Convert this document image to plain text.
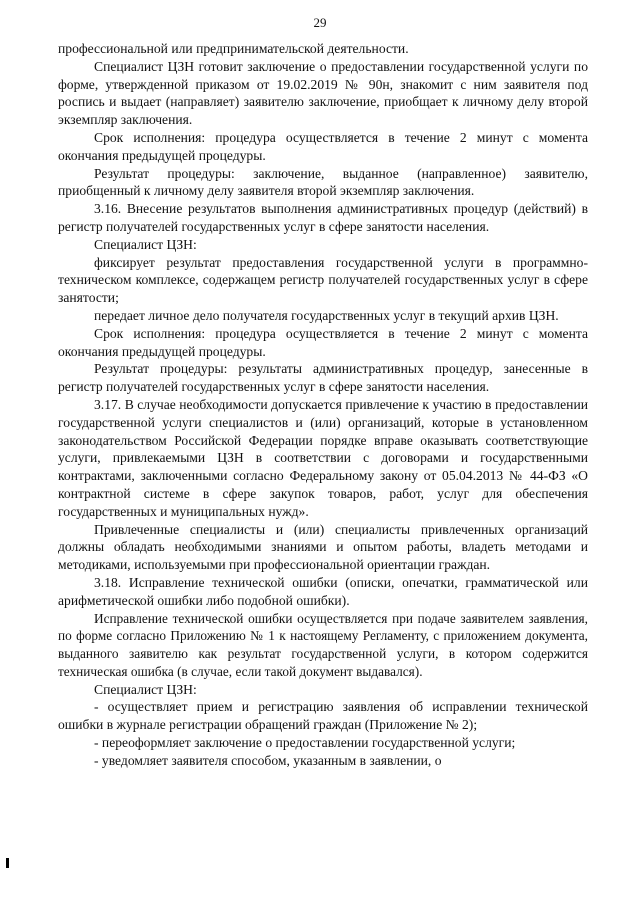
29

профессиональной или предпринимательской деятельности.

Специалист ЦЗН готовит заключение о предоставлении государственной услуги по форме, утвержденной приказом от 19.02.2019 № 90н, знакомит с ним заявителя под роспись и выдает (направляет) заявителю заключение, приобщает к личному делу второй экземпляр заключения.

Срок исполнения: процедура осуществляется в течение 2 минут с момента окончания предыдущей процедуры.

Результат процедуры: заключение, выданное (направленное) заявителю, приобщенный к личному делу заявителя второй экземпляр заключения.

3.16. Внесение результатов выполнения административных процедур (действий) в регистр получателей государственных услуг в сфере занятости населения.

Специалист ЦЗН:

фиксирует результат предоставления государственной услуги в программно-техническом комплексе, содержащем регистр получателей государственных услуг в сфере занятости;

передает личное дело получателя государственных услуг в текущий архив ЦЗН.

Срок исполнения: процедура осуществляется в течение 2 минут с момента окончания предыдущей процедуры.

Результат процедуры: результаты административных процедур, занесенные в регистр получателей государственных услуг в сфере занятости населения.

3.17. В случае необходимости допускается привлечение к участию в предоставлении государственной услуги специалистов и (или) организаций, которые в установленном законодательством Российской Федерации порядке вправе оказывать соответствующие услуги, привлекаемыми ЦЗН в соответствии с договорами и государственными контрактами, заключенными согласно Федеральному закону от 05.04.2013 № 44-ФЗ «О контрактной системе в сфере закупок товаров, работ, услуг для обеспечения государственных и муниципальных нужд».

Привлеченные специалисты и (или) специалисты привлеченных организаций должны обладать необходимыми знаниями и опытом работы, владеть методами и методиками, используемыми при профессиональной ориентации граждан.

3.18. Исправление технической ошибки (описки, опечатки, грамматической или арифметической ошибки либо подобной ошибки).

Исправление технической ошибки осуществляется при подаче заявителем заявления, по форме согласно Приложению № 1 к настоящему Регламенту, с приложением документа, выданного заявителю как результат государственной услуги, в котором содержится техническая ошибка (в случае, если такой документ выдавался).

Специалист ЦЗН:

- осуществляет прием и регистрацию заявления об исправлении технической ошибки в журнале регистрации обращений граждан (Приложение № 2);

- переоформляет заключение о предоставлении государственной услуги;

- уведомляет заявителя способом, указанным в заявлении, о
